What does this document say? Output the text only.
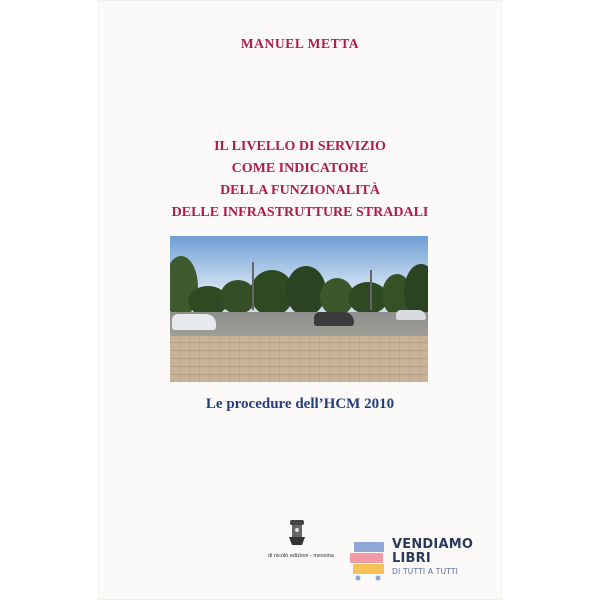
MANUEL METTA
IL LIVELLO DI SERVIZIO
COME INDICATORE
DELLA FUNZIONALITÀ
DELLE INFRASTRUTTURE STRADALI
Le procedure dell’HCM 2010
di nicolò edizioni - messina
VENDIAMO
LIBRI
DI TUTTI A TUTTI
